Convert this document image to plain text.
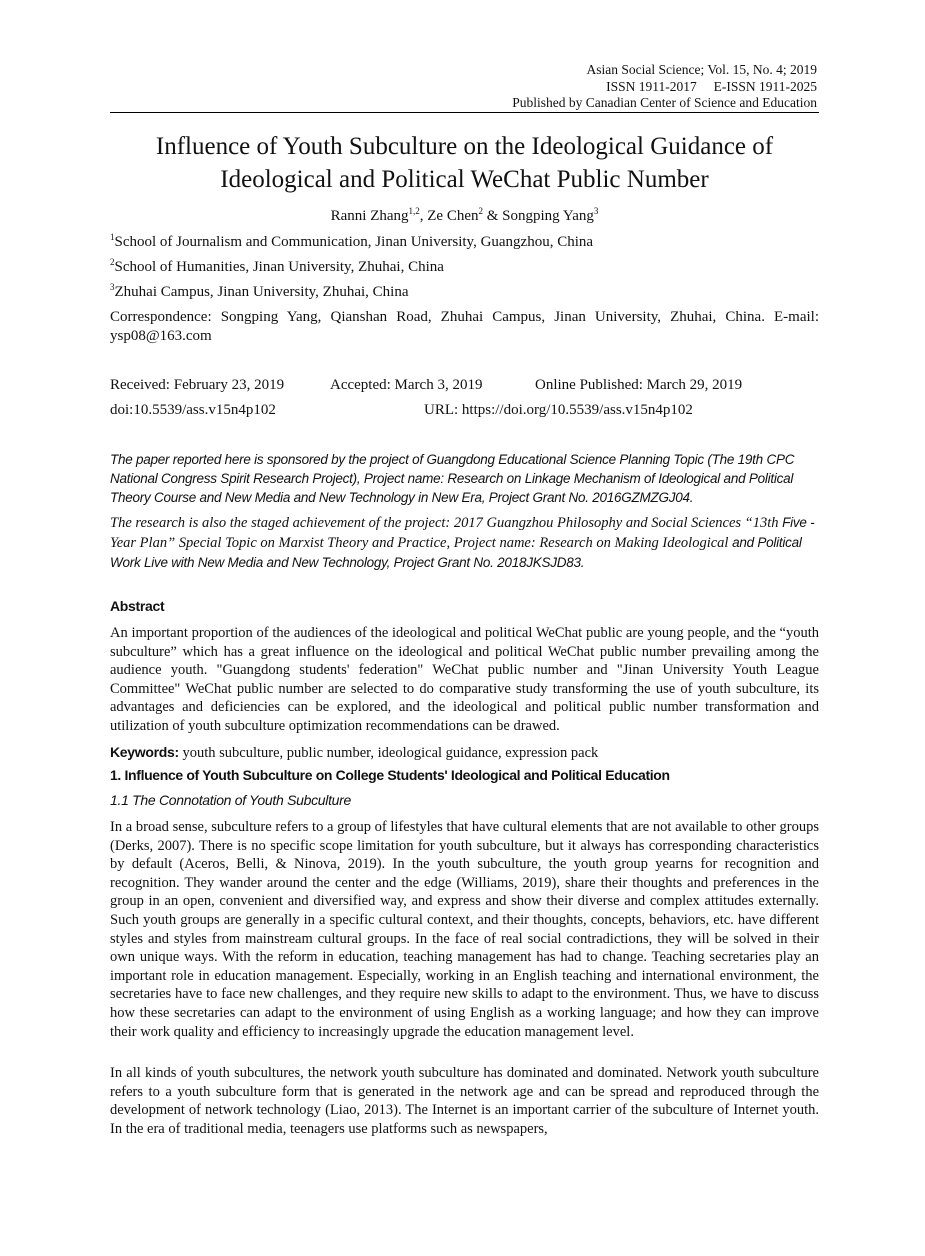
Asian Social Science; Vol. 15, No. 4; 2019
ISSN 1911-2017     E-ISSN 1911-2025
Published by Canadian Center of Science and Education
Influence of Youth Subculture on the Ideological Guidance of
Ideological and Political WeChat Public Number
Ranni Zhang$^{1,2}$, Ze Chen$^2$ & Songping Yang$^3$
$^1$School of Journalism and Communication, Jinan University, Guangzhou, China
$^2$School of Humanities, Jinan University, Zhuhai, China
$^3$Zhuhai Campus, Jinan University, Zhuhai, China
Correspondence: Songping Yang, Qianshan Road, Zhuhai Campus, Jinan University, Zhuhai, China. E-mail: ysp08@163.com
Received: February 23, 2019	Accepted: March 3, 2019	Online Published: March 29, 2019
doi:10.5539/ass.v15n4p102	URL: https://doi.org/10.5539/ass.v15n4p102
The paper reported here is sponsored by the project of Guangdong Educational Science Planning Topic (The 19th CPC National Congress Spirit Research Project), Project name: Research on Linkage Mechanism of Ideological and Political Theory Course and New Media and New Technology in New Era, Project Grant No. 2016GZMZGJ04.
The research is also the staged achievement of the project: 2017 Guangzhou Philosophy and Social Sciences “13th Five - Year Plan” Special Topic on Marxist Theory and Practice, Project name: Research on Making Ideological and Political Work Live with New Media and New Technology, Project Grant No. 2018JKSJD83.
Abstract

An important proportion of the audiences of the ideological and political WeChat public are young people, and the “youth subculture” which has a great influence on the ideological and political WeChat public number prevailing among the audience youth. "Guangdong students' federation" WeChat public number and "Jinan University Youth League Committee" WeChat public number are selected to do comparative study transforming the use of youth subculture, its advantages and deficiencies can be explored, and the ideological and political public number transformation and utilization of youth subculture optimization recommendations can be drawed.

Keywords: youth subculture, public number, ideological guidance, expression pack
1. Influence of Youth Subculture on College Students' Ideological and Political Education
1.1 The Connotation of Youth Subculture

In a broad sense, subculture refers to a group of lifestyles that have cultural elements that are not available to other groups (Derks, 2007). There is no specific scope limitation for youth subculture, but it always has corresponding characteristics by default (Aceros, Belli, & Ninova, 2019). In the youth subculture, the youth group yearns for recognition and recognition. They wander around the center and the edge (Williams, 2019), share their thoughts and preferences in the group in an open, convenient and diversified way, and express and show their diverse and complex attitudes externally. Such youth groups are generally in a specific cultural context, and their thoughts, concepts, behaviors, etc. have different styles and styles from mainstream cultural groups. In the face of real social contradictions, they will be solved in their own unique ways. With the reform in education, teaching management has had to change. Teaching secretaries play an important role in education management. Especially, working in an English teaching and international environment, the secretaries have to face new challenges, and they require new skills to adapt to the environment. Thus, we have to discuss how these secretaries can adapt to the environment of using English as a working language; and how they can improve their work quality and efficiency to increasingly upgrade the education management level.

In all kinds of youth subcultures, the network youth subculture has dominated and dominated. Network youth subculture refers to a youth subculture form that is generated in the network age and can be spread and reproduced through the development of network technology (Liao, 2013). The Internet is an important carrier of the subculture of Internet youth. In the era of traditional media, teenagers use platforms such as newspapers,
